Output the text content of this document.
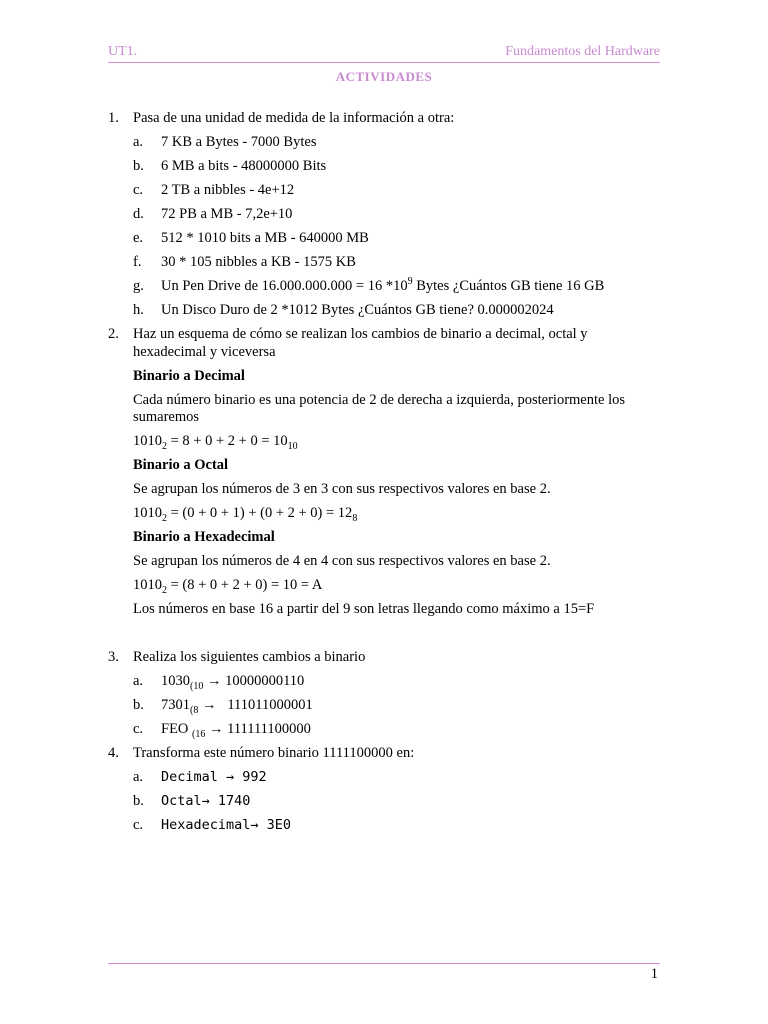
UT1.	Fundamentos del Hardware
ACTIVIDADES
1. Pasa de una unidad de medida de la información a otra:
a. 7 KB a Bytes - 7000 Bytes
b. 6 MB a bits - 48000000 Bits
c. 2 TB a nibbles - 4e+12
d. 72 PB a MB - 7,2e+10
e. 512 * 1010 bits a MB - 640000 MB
f. 30 * 105 nibbles a KB - 1575 KB
g. Un Pen Drive de 16.000.000.000 = 16 $*10^9$ Bytes ¿Cuántos GB tiene 16 GB
h. Un Disco Duro de 2 *1012 Bytes ¿Cuántos GB tiene? 0.000002024
2. Haz un esquema de cómo se realizan los cambios de binario a decimal, octal y
hexadecimal y viceversa
Binario a Decimal
Cada número binario es una potencia de 2 de derecha a izquierda, posteriormente los
sumaremos
$1010_2 = 8 + 0 + 2 + 0 = 10_{10}$
Binario a Octal
Se agrupan los números de 3 en 3 con sus respectivos valores en base 2.
$1010_2 = (0 + 0 + 1) + (0 + 2 + 0) = 12_8$
Binario a Hexadecimal
Se agrupan los números de 4 en 4 con sus respectivos valores en base 2.
$1010_2 = (8 + 0 + 2 + 0) = 10 = A$
Los números en base 16 a partir del 9 son letras llegando como máximo a 15=F
3. Realiza los siguientes cambios a binario
a. $1030_{(10} \to 10000000110$
b. $7301_{(8} \to 111011000001$
c. FEO $_{(16}$ → 111111100000
4. Transforma este número binario 1111100000 en:
a. Decimal → 992
b. Octal→ 1740
c. Hexadecimal→ 3E0
1
